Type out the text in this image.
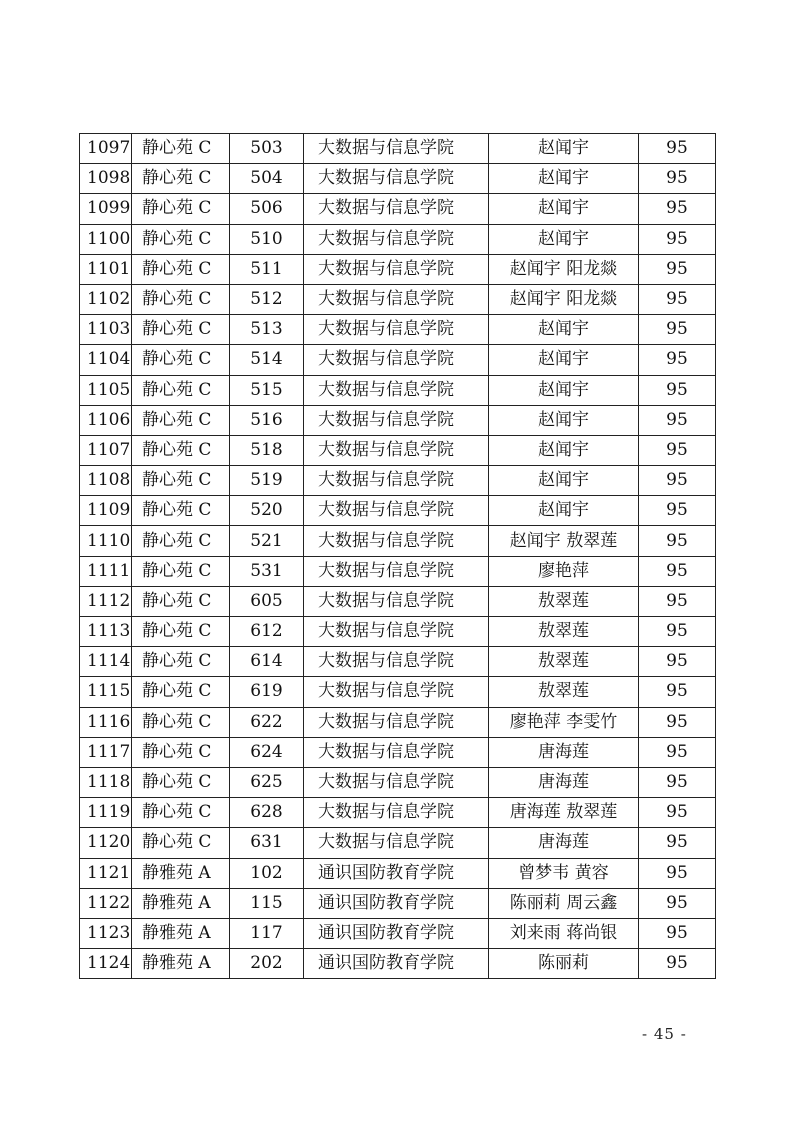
1097	静心苑 C	503	大数据与信息学院	赵闻宇	95
1098	静心苑 C	504	大数据与信息学院	赵闻宇	95
1099	静心苑 C	506	大数据与信息学院	赵闻宇	95
1100	静心苑 C	510	大数据与信息学院	赵闻宇	95
1101	静心苑 C	511	大数据与信息学院	赵闻宇 阳龙燚	95
1102	静心苑 C	512	大数据与信息学院	赵闻宇 阳龙燚	95
1103	静心苑 C	513	大数据与信息学院	赵闻宇	95
1104	静心苑 C	514	大数据与信息学院	赵闻宇	95
1105	静心苑 C	515	大数据与信息学院	赵闻宇	95
1106	静心苑 C	516	大数据与信息学院	赵闻宇	95
1107	静心苑 C	518	大数据与信息学院	赵闻宇	95
1108	静心苑 C	519	大数据与信息学院	赵闻宇	95
1109	静心苑 C	520	大数据与信息学院	赵闻宇	95
1110	静心苑 C	521	大数据与信息学院	赵闻宇 敖翠莲	95
1111	静心苑 C	531	大数据与信息学院	廖艳萍	95
1112	静心苑 C	605	大数据与信息学院	敖翠莲	95
1113	静心苑 C	612	大数据与信息学院	敖翠莲	95
1114	静心苑 C	614	大数据与信息学院	敖翠莲	95
1115	静心苑 C	619	大数据与信息学院	敖翠莲	95
1116	静心苑 C	622	大数据与信息学院	廖艳萍 李雯竹	95
1117	静心苑 C	624	大数据与信息学院	唐海莲	95
1118	静心苑 C	625	大数据与信息学院	唐海莲	95
1119	静心苑 C	628	大数据与信息学院	唐海莲 敖翠莲	95
1120	静心苑 C	631	大数据与信息学院	唐海莲	95
1121	静雅苑 A	102	通识国防教育学院	曾梦韦 黄容	95
1122	静雅苑 A	115	通识国防教育学院	陈丽莉 周云鑫	95
1123	静雅苑 A	117	通识国防教育学院	刘来雨 蒋尚银	95
1124	静雅苑 A	202	通识国防教育学院	陈丽莉	95
- 45 -
